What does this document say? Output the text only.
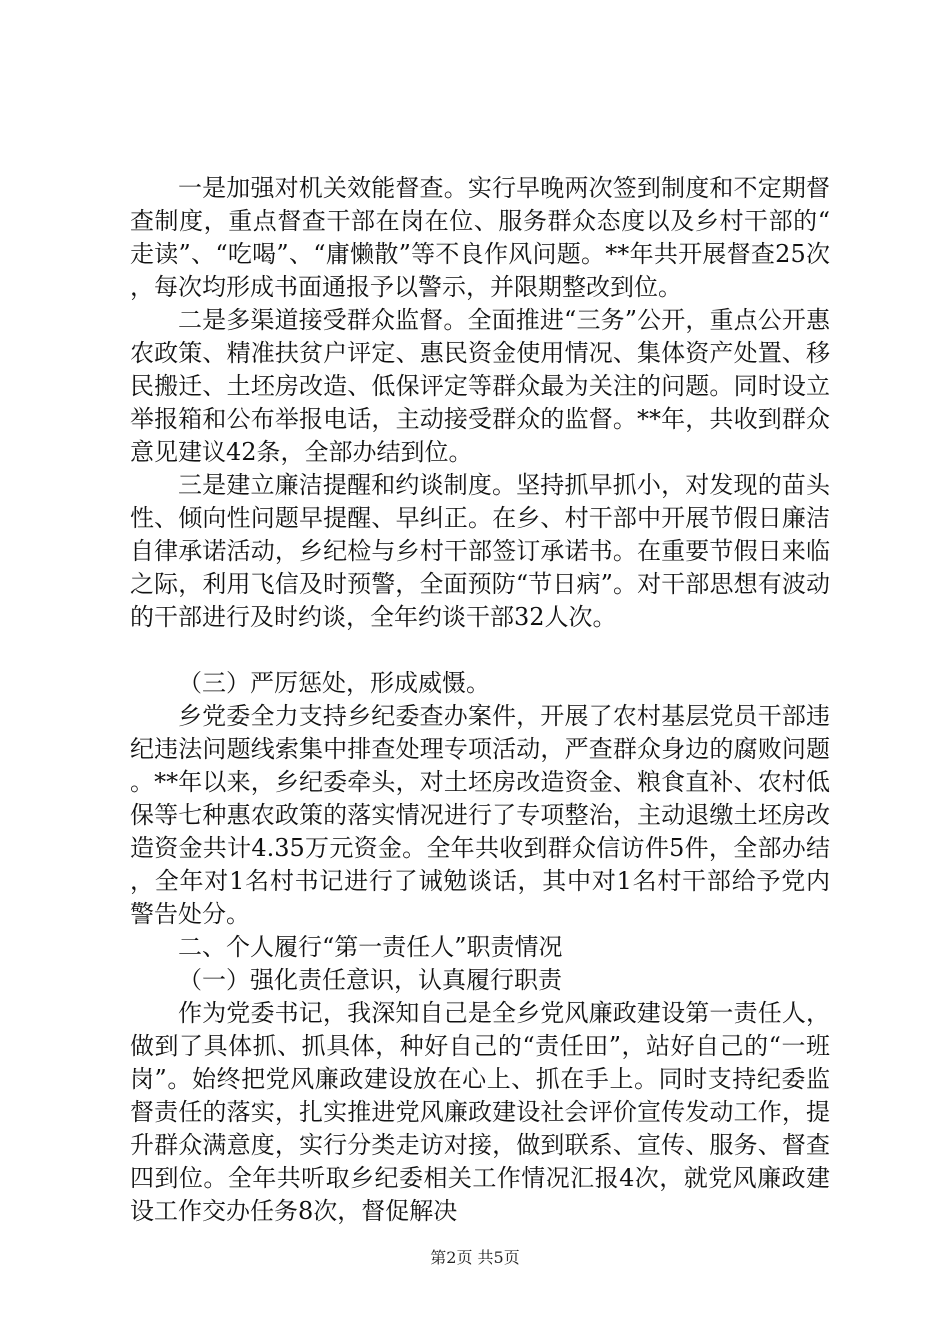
一是加强对机关效能督查。实行早晚两次签到制度和不定期督查制度，重点督查干部在岗在位、服务群众态度以及乡村干部的“走读”、“吃喝”、“庸懒散”等不良作风问题。**年共开展督查25次，每次均形成书面通报予以警示，并限期整改到位。

二是多渠道接受群众监督。全面推进“三务”公开，重点公开惠农政策、精准扶贫户评定、惠民资金使用情况、集体资产处置、移民搬迁、土坯房改造、低保评定等群众最为关注的问题。同时设立举报箱和公布举报电话，主动接受群众的监督。**年，共收到群众意见建议42条，全部办结到位。

三是建立廉洁提醒和约谈制度。坚持抓早抓小，对发现的苗头性、倾向性问题早提醒、早纠正。在乡、村干部中开展节假日廉洁自律承诺活动，乡纪检与乡村干部签订承诺书。在重要节假日来临之际，利用飞信及时预警，全面预防“节日病”。对干部思想有波动的干部进行及时约谈，全年约谈干部32人次。

（三）严厉惩处，形成威慑。

乡党委全力支持乡纪委查办案件，开展了农村基层党员干部违纪违法问题线索集中排查处理专项活动，严查群众身边的腐败问题。**年以来，乡纪委牵头，对土坯房改造资金、粮食直补、农村低保等七种惠农政策的落实情况进行了专项整治，主动退缴土坯房改造资金共计4.35万元资金。全年共收到群众信访件5件，全部办结，全年对1名村书记进行了诫勉谈话，其中对1名村干部给予党内警告处分。

二、个人履行“第一责任人”职责情况

（一）强化责任意识，认真履行职责

作为党委书记，我深知自己是全乡党风廉政建设第一责任人，做到了具体抓、抓具体，种好自己的“责任田”，站好自己的“一班岗”。始终把党风廉政建设放在心上、抓在手上。同时支持纪委监督责任的落实，扎实推进党风廉政建设社会评价宣传发动工作，提升群众满意度，实行分类走访对接，做到联系、宣传、服务、督查四到位。全年共听取乡纪委相关工作情况汇报4次，就党风廉政建设工作交办任务8次，督促解决

第2页 共5页
